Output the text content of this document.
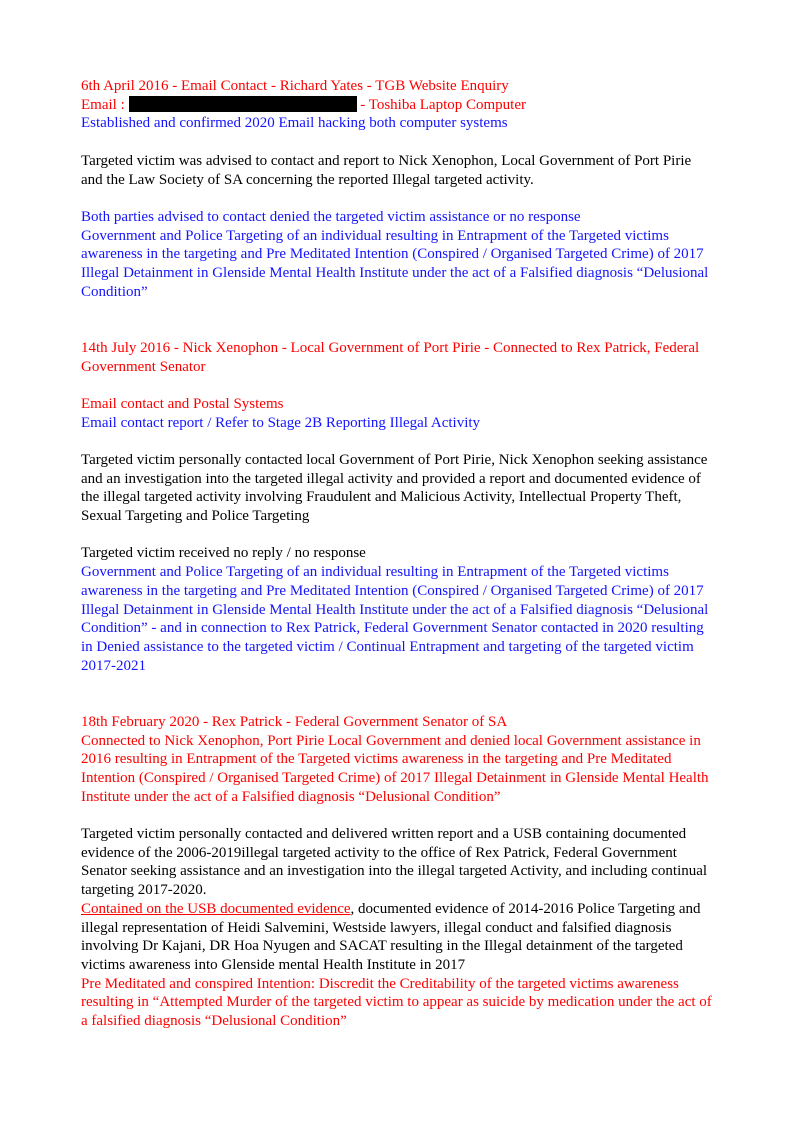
6th April 2016 - Email Contact - Richard Yates - TGB Website Enquiry
Email :	- Toshiba Laptop Computer
Established and confirmed 2020 Email hacking both computer systems

Targeted victim was advised to contact and report to Nick Xenophon, Local Government of Port Pirie and the Law Society of SA concerning the reported Illegal targeted activity.

Both parties advised to contact denied the targeted victim assistance or no response
Government and Police Targeting of an individual resulting in Entrapment of the Targeted victims awareness in the targeting and Pre Meditated Intention (Conspired / Organised Targeted Crime) of 2017 Illegal Detainment in Glenside Mental Health Institute under the act of a Falsified diagnosis “Delusional Condition”

14th July 2016 - Nick Xenophon - Local Government of Port Pirie - Connected to Rex Patrick, Federal Government Senator

Email contact and Postal Systems
Email contact report / Refer to Stage 2B Reporting Illegal Activity

Targeted victim personally contacted local Government of Port Pirie, Nick Xenophon seeking assistance and an investigation into the targeted illegal activity and provided a report and documented evidence of the illegal targeted activity involving Fraudulent and Malicious Activity, Intellectual Property Theft, Sexual Targeting and Police Targeting

Targeted victim received no reply / no response
Government and Police Targeting of an individual resulting in Entrapment of the Targeted victims awareness in the targeting and Pre Meditated Intention (Conspired / Organised Targeted Crime) of 2017 Illegal Detainment in Glenside Mental Health Institute under the act of a Falsified diagnosis “Delusional Condition” - and in connection to Rex Patrick, Federal Government Senator contacted in 2020 resulting in Denied assistance to the targeted victim / Continual Entrapment and targeting of the targeted victim 2017-2021

18th February 2020 - Rex Patrick - Federal Government Senator of SA
Connected to Nick Xenophon, Port Pirie Local Government and denied local Government assistance in 2016 resulting in Entrapment of the Targeted victims awareness in the targeting and Pre Meditated Intention (Conspired / Organised Targeted Crime) of 2017 Illegal Detainment in Glenside Mental Health Institute under the act of a Falsified diagnosis “Delusional Condition”

Targeted victim personally contacted and delivered written report and a USB containing documented evidence of the 2006-2019illegal targeted activity to the office of Rex Patrick, Federal Government Senator seeking assistance and an investigation into the illegal targeted Activity, and including continual targeting 2017-2020.
Contained on the USB documented evidence, documented evidence of 2014-2016 Police Targeting and illegal representation of Heidi Salvemini, Westside lawyers, illegal conduct and falsified diagnosis involving Dr Kajani, DR Hoa Nyugen and SACAT resulting in the Illegal detainment of the targeted victims awareness into Glenside mental Health Institute in 2017
Pre Meditated and conspired Intention: Discredit the Creditability of the targeted victims awareness resulting in “Attempted Murder of the targeted victim to appear as suicide by medication under the act of a falsified diagnosis “Delusional Condition”
